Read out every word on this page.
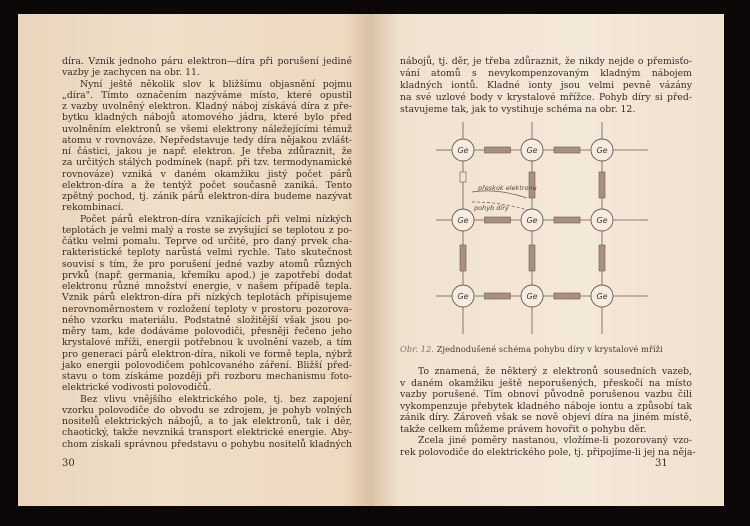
díra. Vznik jednoho páru elektron—díra při porušení jediné
vazby je zachycen na obr. 11.
Nyní ještě několik slov k bližšímu objasnění pojmu
„díra". Tímto označením nazýváme místo, které opustil
z vazby uvolněný elektron. Kladný náboj získává díra z pře-
bytku kladných nábojů atomového jádra, které bylo před
uvolněním elektronů se všemi elektrony náležejícími témuž
atomu v rovnováze. Nepředstavuje tedy díra nějakou zvlášt-
ní částici, jakou je např. elektron. Je třeba zdůraznit, že
za určitých stálých podmínek (např. při tzv. termodynamické
rovnováze) vzniká v daném okamžiku jistý počet párů
elektron-díra a že tentýž počet současně zaniká. Tento
zpětný pochod, tj. zánik párů elektron-díra budeme nazývat
rekombinací.
Počet párů elektron-díra vznikajících při velmi nízkých
teplotách je velmi malý a roste se zvyšující se teplotou z po-
čátku velmi pomalu. Teprve od určité, pro daný prvek cha-
rakteristické teploty narůstá velmi rychle. Tato skutečnost
souvisí s tím, že pro porušení jedné vazby atomů různých
prvků (např. germania, křemíku apod.) je zapotřebí dodat
elektronu různé množství energie, v našem případě tepla.
Vznik párů elektron-díra při nízkých teplotách připisujeme
nerovnoměrnostem v rozložení teploty v prostoru pozorova-
ného vzorku materiálu. Podstatně složitější však jsou po-
měry tam, kde dodáváme polovodiči, přesněji řečeno jeho
krystalové mříži, energii potřebnou k uvolnění vazeb, a tím
pro generaci párů elektron-díra, nikoli ve formě tepla, nýbrž
jako energii polovodičem pohlcovaného záření. Bližší před-
stavu o tom získáme později při rozboru mechanismu foto-
elektrické vodivosti polovodičů.
Bez vlivu vnějšího elektrického pole, tj. bez zapojení
vzorku polovodiče do obvodu se zdrojem, je pohyb volných
nositelů elektrických nábojů, a to jak elektronů, tak i děr,
chaotický, takže nevzniká transport elektrické energie. Aby-
chom získali správnou představu o pohybu nositelů kladných
30
nábojů, tj. děr, je třeba zdůraznit, že nikdy nejde o přemisťo-
vání atomů s nevykompenzovaným kladným nábojem
kladných iontů. Kladné ionty jsou velmi pevně vázány
na své uzlové body v krystalové mřížce. Pohyb díry si před-
stavujeme tak, jak to vystihuje schéma na obr. 12.
Ge
Ge
Ge
Ge
Ge
Ge
Ge
Ge
Ge
přeskok elektronu
pohyb díry
Obr. 12. Zjednodušené schéma pohybu díry v krystalové mříži
To znamená, že některý z elektronů sousedních vazeb,
v daném okamžiku ještě neporušených, přeskočí na místo
vazby porušené. Tím obnoví původně porušenou vazbu čili
vykompenzuje přebytek kladného náboje iontu a způsobí tak
zánik díry. Zároveň však se nově objeví díra na jiném místě,
takže celkem můžeme právem hovořit o pohybu děr.
Zcela jiné poměry nastanou, vložíme-li pozorovaný vzo-
rek polovodiče do elektrického pole, tj. připojíme-li jej na něja-
31
